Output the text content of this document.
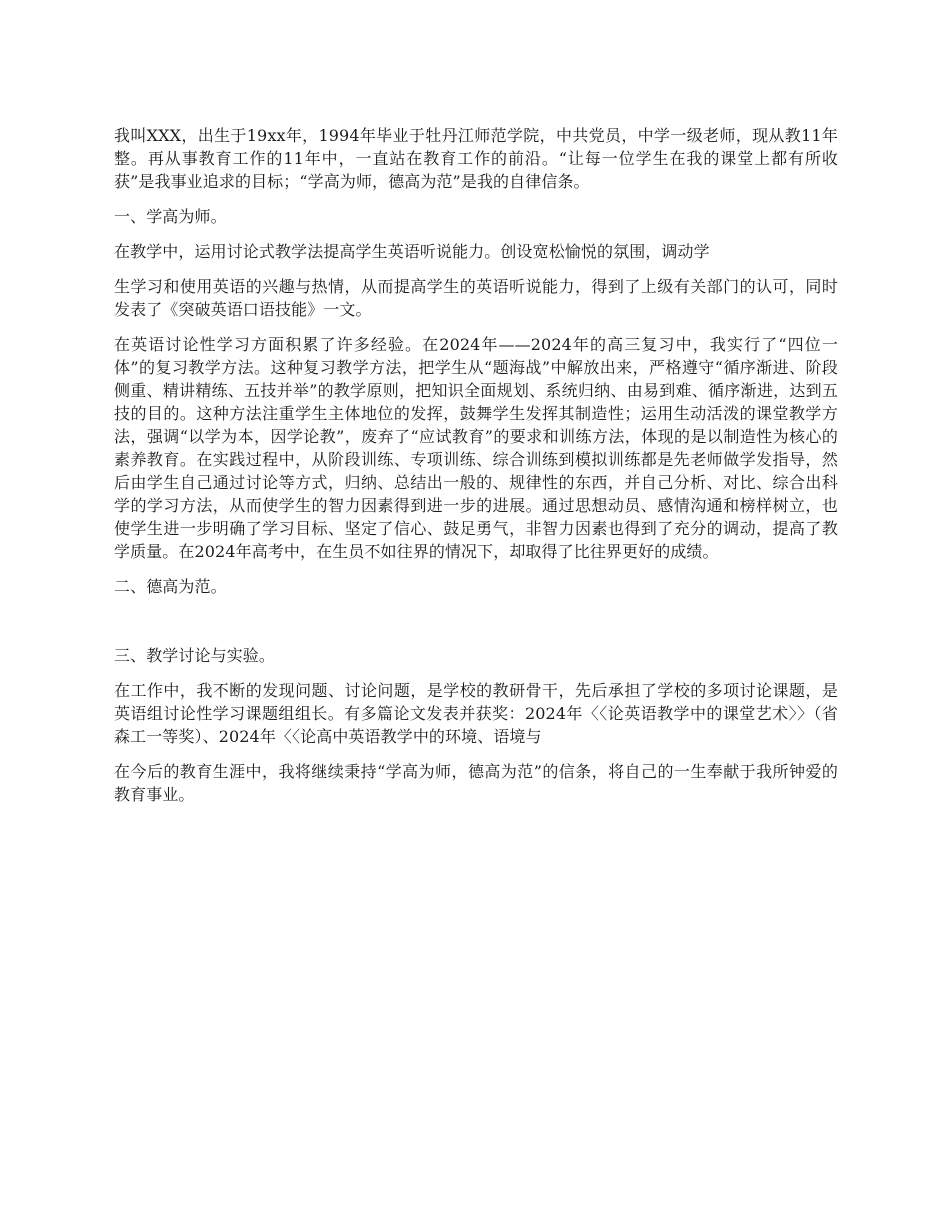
我叫XXX，出生于19xx年，1994年毕业于牡丹江师范学院，中共党员，中学一级老师，现从教11年整。再从事教育工作的11年中，一直站在教育工作的前沿。“让每一位学生在我的课堂上都有所收获”是我事业追求的目标；“学高为师，德高为范”是我的自律信条。

一、学高为师。

在教学中，运用讨论式教学法提高学生英语听说能力。创设宽松愉悦的氛围，调动学

生学习和使用英语的兴趣与热情，从而提高学生的英语听说能力，得到了上级有关部门的认可，同时发表了《突破英语口语技能》一文。

在英语讨论性学习方面积累了许多经验。在2024年——2024年的高三复习中，我实行了“四位一体”的复习教学方法。这种复习教学方法，把学生从“题海战”中解放出来，严格遵守“循序渐进、阶段侧重、精讲精练、五技并举”的教学原则，把知识全面规划、系统归纳、由易到难、循序渐进，达到五技的目的。这种方法注重学生主体地位的发挥，鼓舞学生发挥其制造性；运用生动活泼的课堂教学方法，强调“以学为本，因学论教”，废弃了“应试教育”的要求和训练方法，体现的是以制造性为核心的素养教育。在实践过程中，从阶段训练、专项训练、综合训练到模拟训练都是先老师做学发指导，然后由学生自己通过讨论等方式，归纳、总结出一般的、规律性的东西，并自己分析、对比、综合出科学的学习方法，从而使学生的智力因素得到进一步的进展。通过思想动员、感情沟通和榜样树立，也使学生进一步明确了学习目标、坚定了信心、鼓足勇气，非智力因素也得到了充分的调动，提高了教学质量。在2024年高考中，在生员不如往界的情况下，却取得了比往界更好的成绩。

二、德高为范。

三、教学讨论与实验。

在工作中，我不断的发现问题、讨论问题，是学校的教研骨干，先后承担了学校的多项讨论课题，是英语组讨论性学习课题组组长。有多篇论文发表并获奖：2024年〈〈论英语教学中的课堂艺术〉〉（省森工一等奖）、2024年〈〈论高中英语教学中的环境、语境与

在今后的教育生涯中，我将继续秉持“学高为师，德高为范”的信条，将自己的一生奉献于我所钟爱的教育事业。
